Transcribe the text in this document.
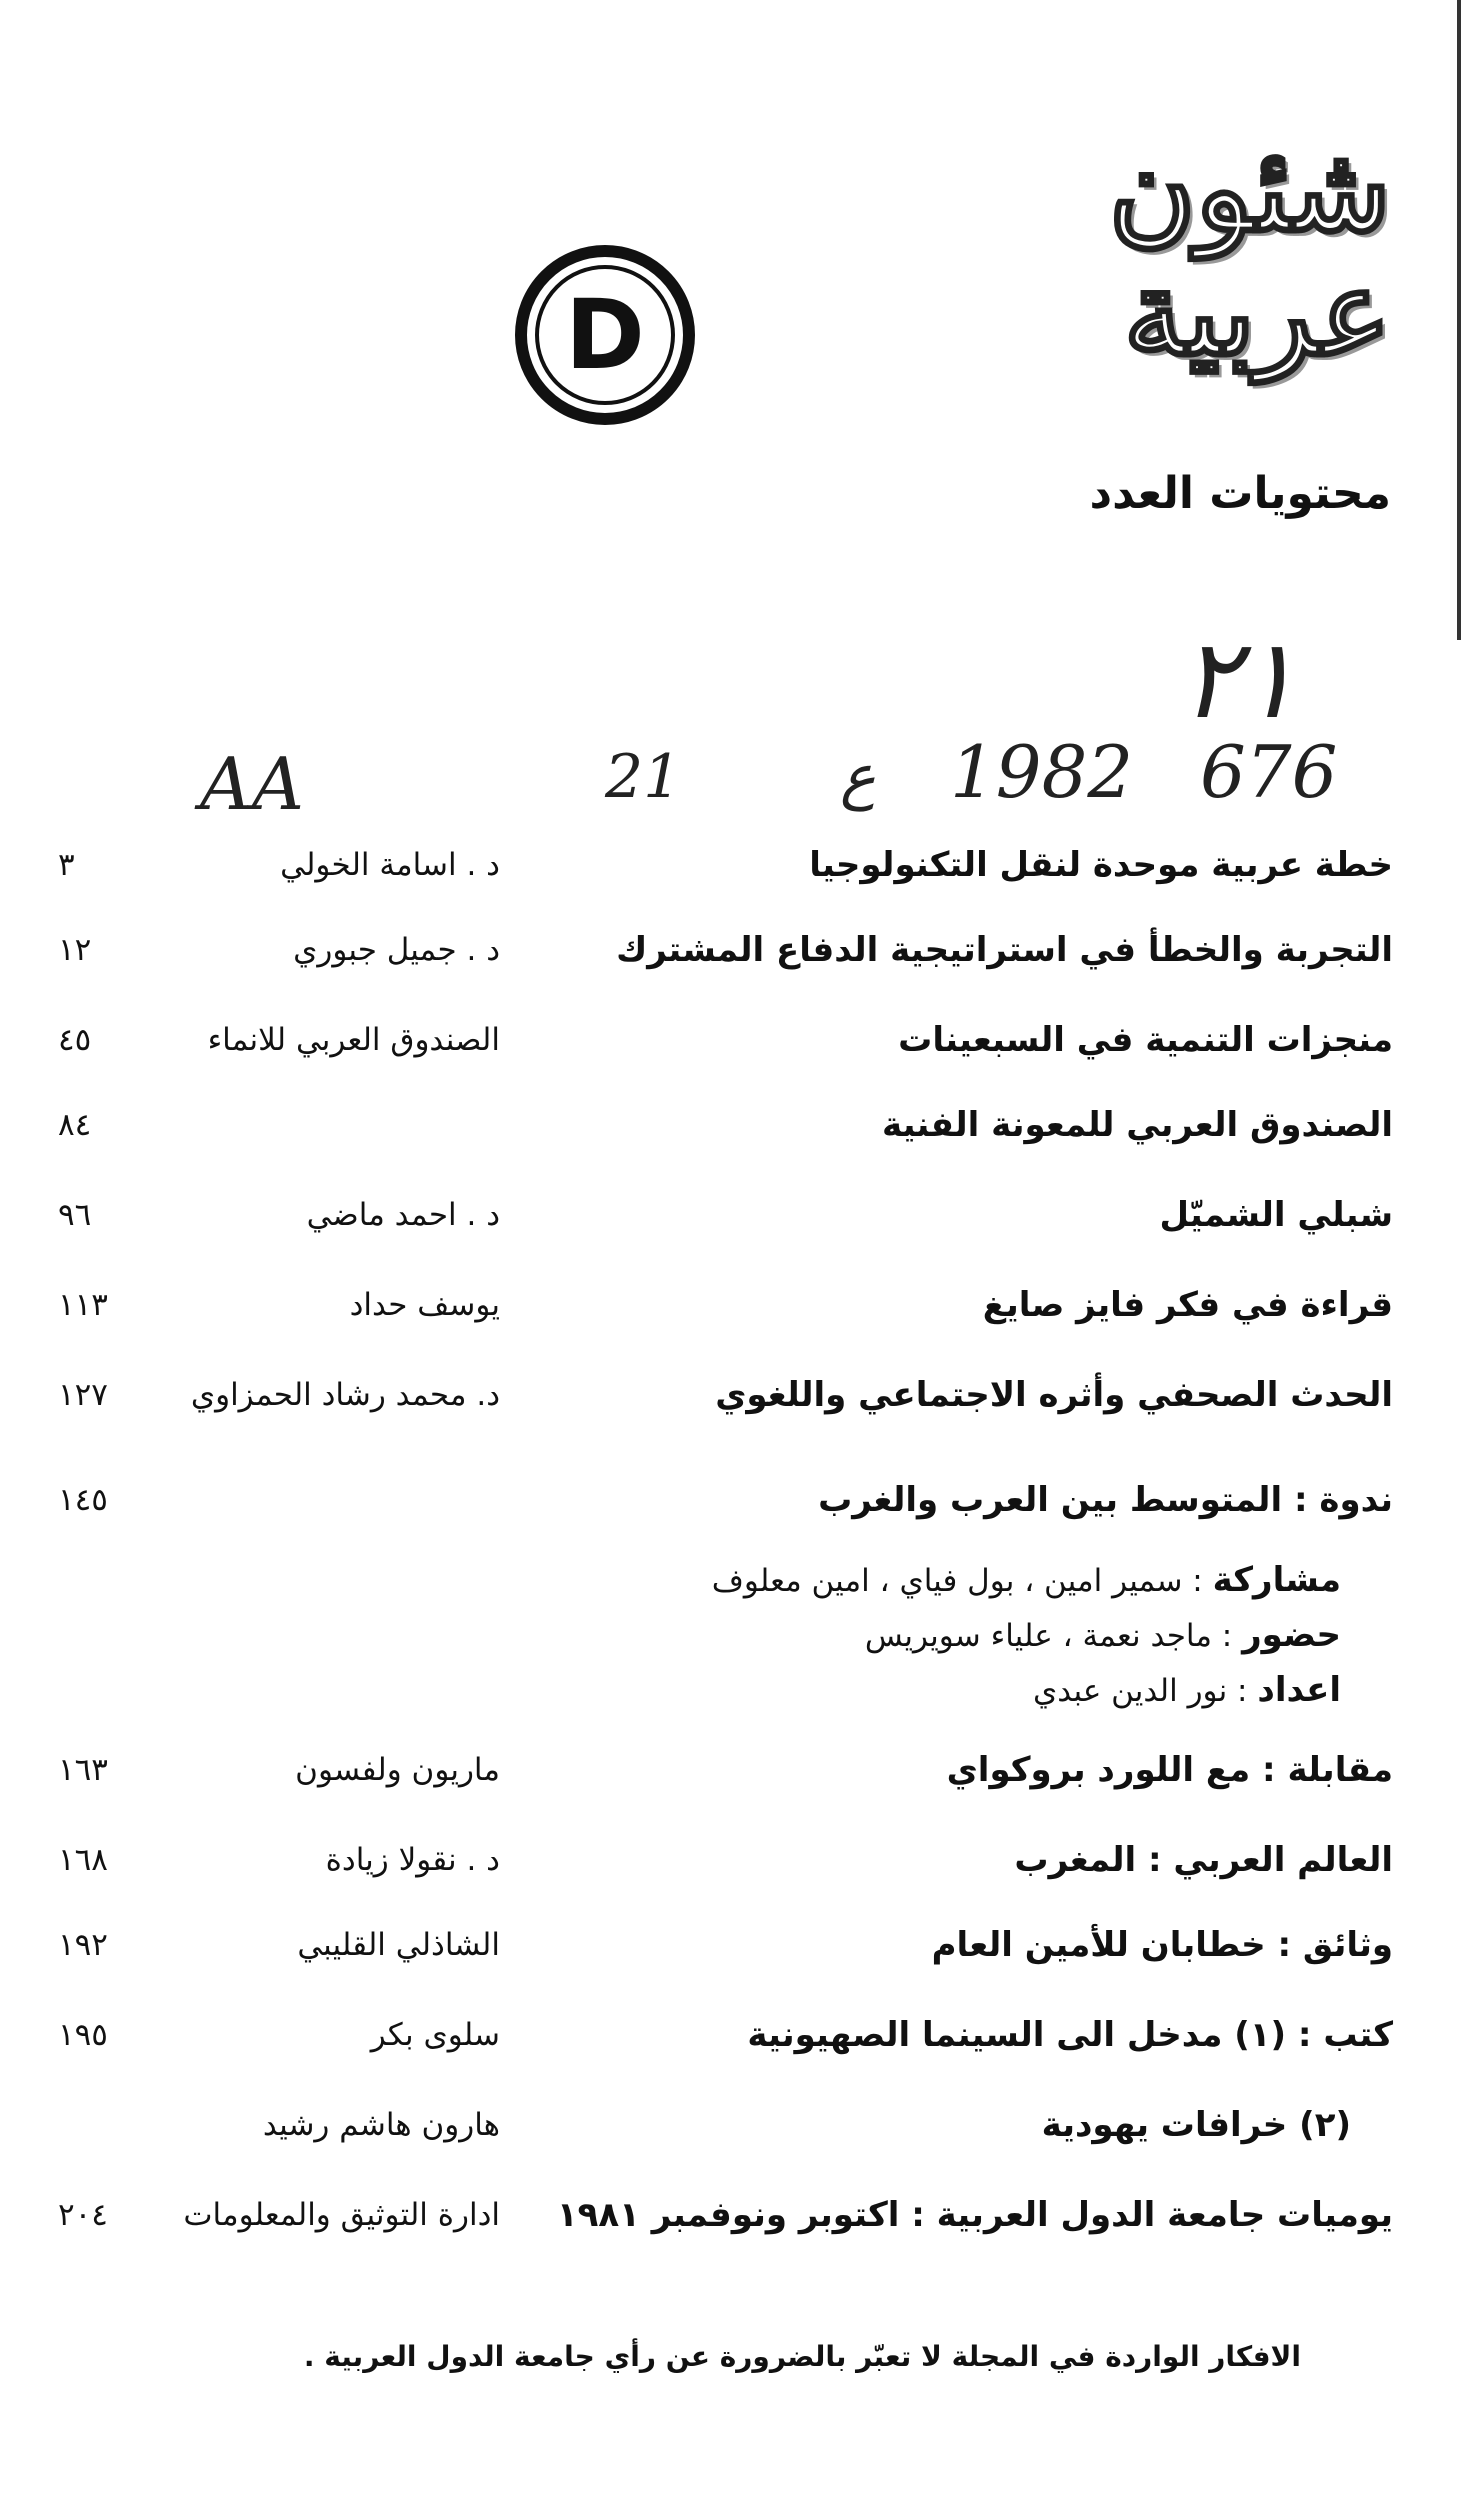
شئون
عربية
D
محتويات العدد
٢١
676
1982
ع
21
AA
خطة عربية موحدة لنقل التكنولوجيا
د . اسامة الخولي
٣
التجربة والخطأ في استراتيجية الدفاع المشترك
د . جميل جبوري
١٢
منجزات التنمية في السبعينات
الصندوق العربي للانماء
٤٥
الصندوق العربي للمعونة الفنية
٨٤
شبلي الشميّل
د . احمد ماضي
٩٦
قراءة في فكر فايز صايغ
يوسف حداد
١١٣
الحدث الصحفي وأثره الاجتماعي واللغوي
د. محمد رشاد الحمزاوي
١٢٧
ندوة : المتوسط بين العرب والغرب
١٤٥
مشاركة : سمير امين ، بول فياي ، امين معلوف
حضور : ماجد نعمة ، علياء سويريس
اعداد : نور الدين عبدي
مقابلة : مع اللورد بروكواي
ماريون ولفسون
١٦٣
العالم العربي : المغرب
د . نقولا زيادة
١٦٨
وثائق : خطابان للأمين العام
الشاذلي القليبي
١٩٢
كتب : (١) مدخل الى السينما الصهيونية
سلوى بكر
١٩٥
(٢) خرافات يهودية
هارون هاشم رشيد
يوميات جامعة الدول العربية : اكتوبر ونوفمبر ١٩٨١
ادارة التوثيق والمعلومات
٢٠٤
الافكار الواردة في المجلة لا تعبّر بالضرورة عن رأي جامعة الدول العربية .
